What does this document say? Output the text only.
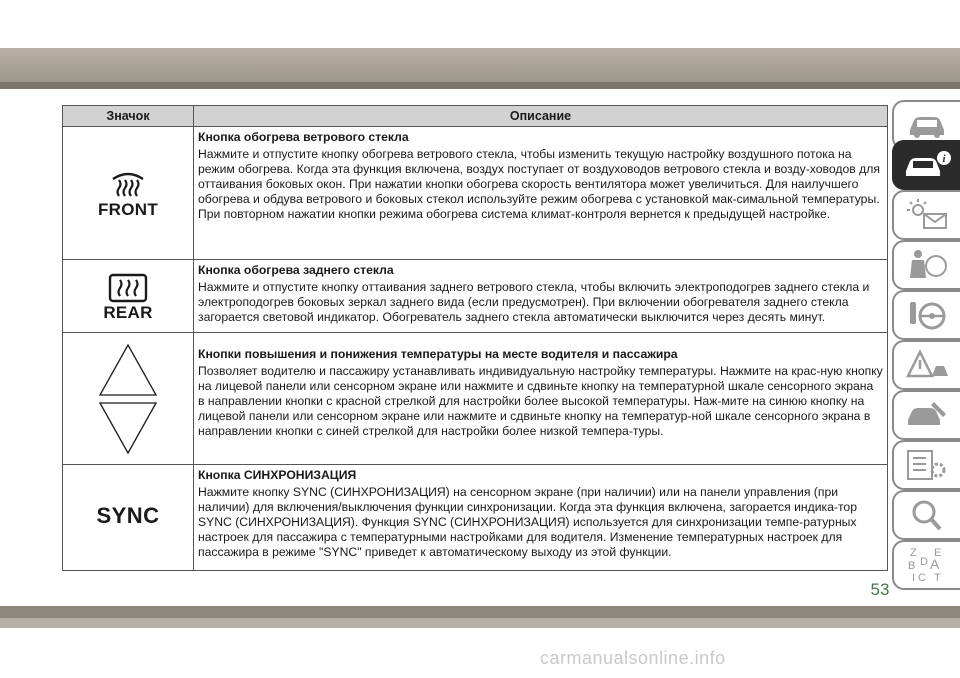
Значок	Описание

FRONT	Кнопка обогрева ветрового стекла
Нажмите и отпустите кнопку обогрева ветрового стекла, чтобы изменить текущую настройку воздушного потока на режим обогрева. Когда эта функция включена, воздух поступает от воздуховодов ветрового стекла и возду-ховодов для оттаивания боковых окон. При нажатии кнопки обогрева скорость вентилятора может увеличиться. Для наилучшего обогрева и обдува ветрового и боковых стекол используйте режим обогрева с установкой мак-симальной температуры. При повторном нажатии кнопки режима обогрева система климат-контроля вернется к предыдущей настройке.

REAR	Кнопка обогрева заднего стекла
Нажмите и отпустите кнопку оттаивания заднего ветрового стекла, чтобы включить электроподогрев заднего стекла и электроподогрев боковых зеркал заднего вида (если предусмотрен). При включении обогревателя заднего стекла загорается световой индикатор. Обогреватель заднего стекла автоматически выключится через десять минут.

Кнопки повышения и понижения температуры на месте водителя и пассажира
Позволяет водителю и пассажиру устанавливать индивидуальную настройку температуры. Нажмите на крас-ную кнопку на лицевой панели или сенсорном экране или нажмите и сдвиньте кнопку на температурной шкале сенсорного экрана в направлении кнопки с красной стрелкой для настройки более высокой температуры. Наж-мите на синюю кнопку на лицевой панели или сенсорном экране или нажмите и сдвиньте кнопку на температур-ной шкале сенсорного экрана в направлении кнопки с синей стрелкой для настройки более низкой темпера-туры.

SYNC	Кнопка СИНХРОНИЗАЦИЯ
Нажмите кнопку SYNC (СИНХРОНИЗАЦИЯ) на сенсорном экране (при наличии) или на панели управления (при наличии) для включения/выключения функции синхронизации. Когда эта функция включена, загорается индика-тор SYNC (СИНХРОНИЗАЦИЯ). Функция SYNC (СИНХРОНИЗАЦИЯ) используется для синхронизации темпе-ратурных настроек для пассажира с температурными настройками для водителя. Изменение температурных настроек для пассажира в режиме "SYNC" приведет к автоматическому выходу из этой функции.
i
Z E
B A
C T
D
I
53
carmanualsonline.info
